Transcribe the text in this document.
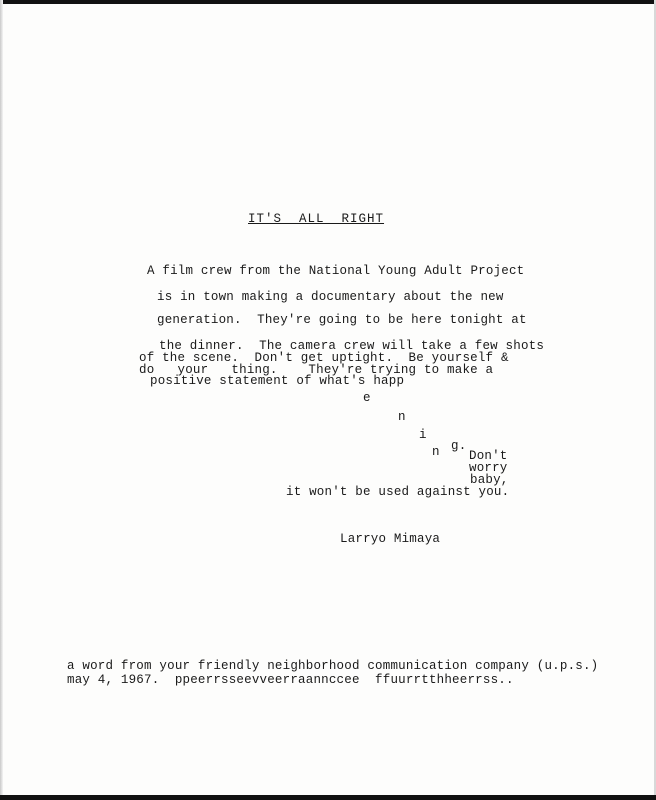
IT'S  ALL  RIGHT
A film crew from the National Young Adult Project
is in town making a documentary about the new
generation.  They're going to be here tonight at
the dinner.  The camera crew will take a few shots
of the scene.  Don't get uptight.  Be yourself &
do   your   thing.    They're trying to make a
positive statement of what's happ
e
n
i
n g.
Don't
worry
baby,
it won't be used against you.
Larryo Mimaya
a word from your friendly neighborhood communication company (u.p.s.)
may 4, 1967.  ppeerrsseevveerraannccee  ffuurrtthheerrss..
